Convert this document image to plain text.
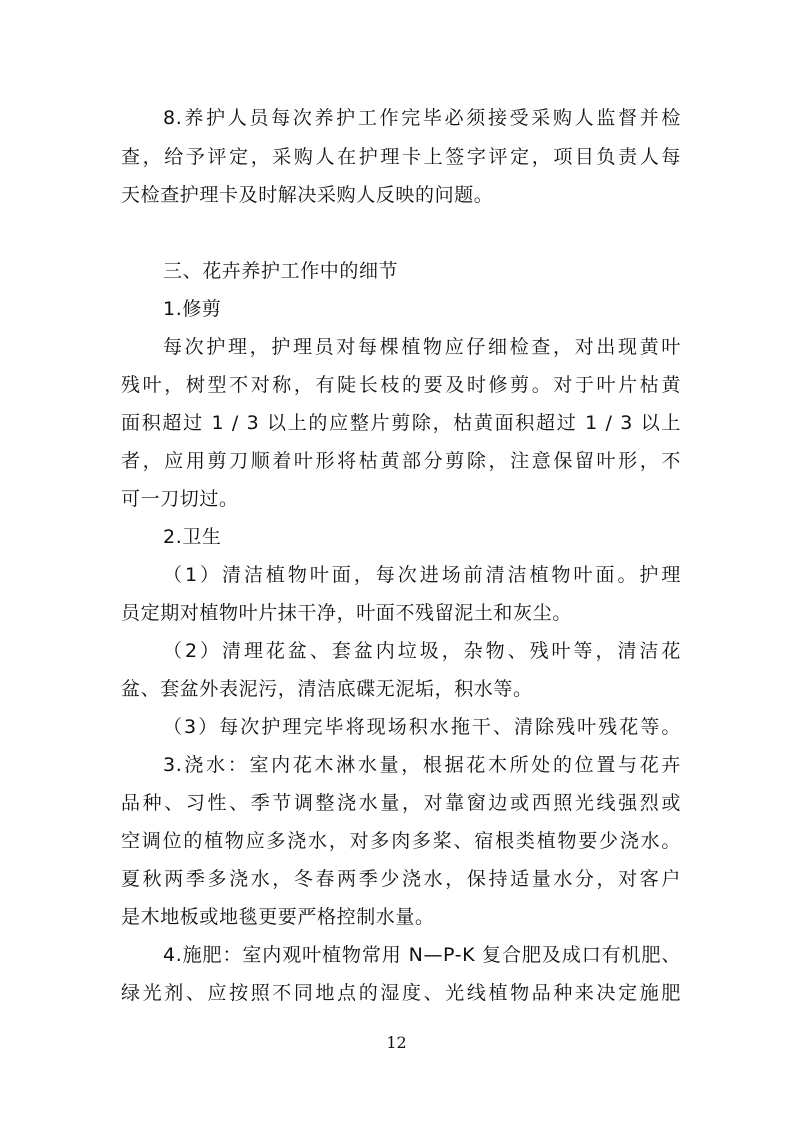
8.养护人员每次养护工作完毕必须接受采购人监督并检
查，给予评定，采购人在护理卡上签字评定，项目负责人每
天检查护理卡及时解决采购人反映的问题。
三、花卉养护工作中的细节
1.修剪
每次护理，护理员对每棵植物应仔细检查，对出现黄叶
残叶，树型不对称，有陡长枝的要及时修剪。对于叶片枯黄
面积超过 1 / 3 以上的应整片剪除，枯黄面积超过 1 / 3 以上
者，应用剪刀顺着叶形将枯黄部分剪除，注意保留叶形，不
可一刀切过。
2.卫生
（1）清洁植物叶面，每次进场前清洁植物叶面。护理
员定期对植物叶片抹干净，叶面不残留泥土和灰尘。
（2）清理花盆、套盆内垃圾，杂物、残叶等，清洁花
盆、套盆外表泥污，清洁底碟无泥垢，积水等。
（3）每次护理完毕将现场积水拖干、清除残叶残花等。
3.浇水：室内花木淋水量，根据花木所处的位置与花卉
品种、习性、季节调整浇水量，对靠窗边或西照光线强烈或
空调位的植物应多浇水，对多肉多桨、宿根类植物要少浇水。
夏秋两季多浇水，冬春两季少浇水，保持适量水分，对客户
是木地板或地毯更要严格控制水量。
4.施肥：室内观叶植物常用 N—P-K 复合肥及成口有机肥、
绿光剂、应按照不同地点的湿度、光线植物品种来决定施肥
12
